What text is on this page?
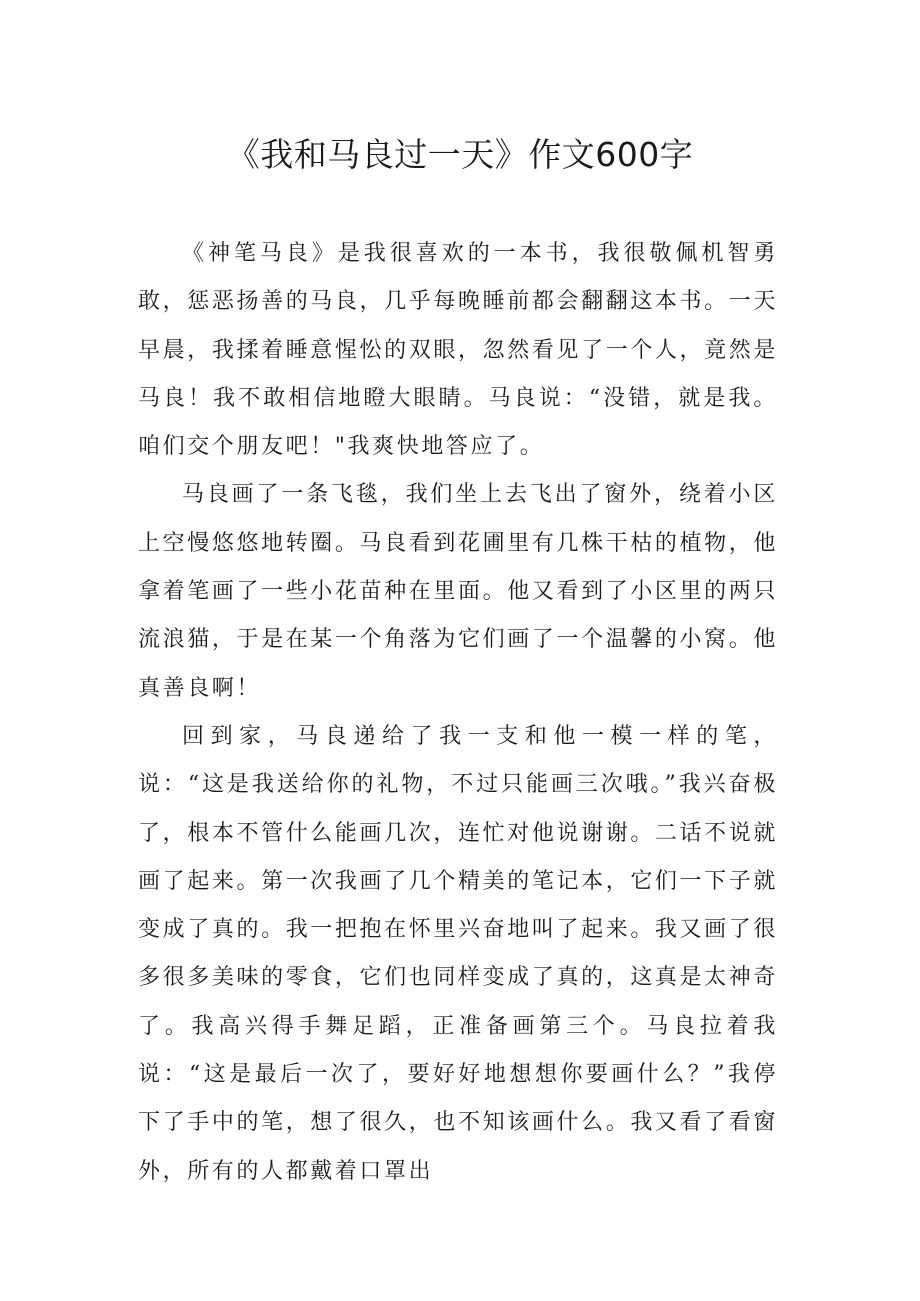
《我和马良过一天》作文600字

《神笔马良》是我很喜欢的一本书，我很敬佩机智勇敢，惩恶扬善的马良，几乎每晚睡前都会翻翻这本书。一天早晨，我揉着睡意惺忪的双眼，忽然看见了一个人，竟然是马良！我不敢相信地瞪大眼睛。马良说：“没错，就是我。咱们交个朋友吧！"我爽快地答应了。

马良画了一条飞毯，我们坐上去飞出了窗外，绕着小区上空慢悠悠地转圈。马良看到花圃里有几株干枯的植物，他拿着笔画了一些小花苗种在里面。他又看到了小区里的两只流浪猫，于是在某一个角落为它们画了一个温馨的小窝。他真善良啊！

回到家，马良递给了我一支和他一模一样的笔，说：“这是我送给你的礼物，不过只能画三次哦。”我兴奋极了，根本不管什么能画几次，连忙对他说谢谢。二话不说就画了起来。第一次我画了几个精美的笔记本，它们一下子就变成了真的。我一把抱在怀里兴奋地叫了起来。我又画了很多很多美味的零食，它们也同样变成了真的，这真是太神奇了。我高兴得手舞足蹈，正准备画第三个。马良拉着我说：“这是最后一次了，要好好地想想你要画什么？”我停下了手中的笔，想了很久，也不知该画什么。我又看了看窗外，所有的人都戴着口罩出
